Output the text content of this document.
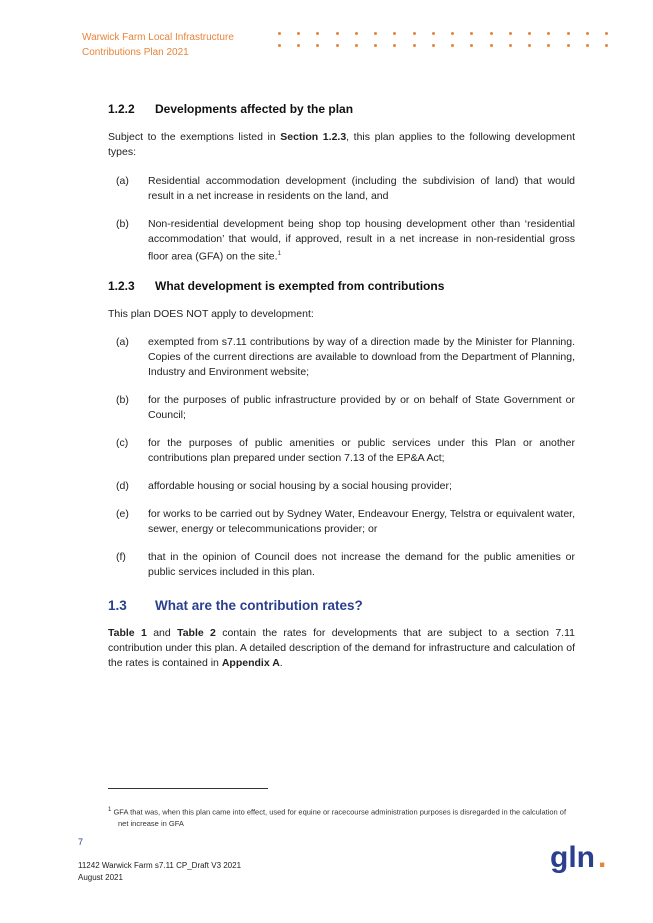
Warwick Farm Local Infrastructure
Contributions Plan 2021
1.2.2	Developments affected by the plan

Subject to the exemptions listed in Section 1.2.3, this plan applies to the following development types:

(a)	Residential accommodation development (including the subdivision of land) that would result in a net increase in residents on the land, and
(b)	Non-residential development being shop top housing development other than ‘residential accommodation’ that would, if approved, result in a net increase in non-residential gross floor area (GFA) on the site.$^1$
1.2.3	What development is exempted from contributions

This plan DOES NOT apply to development:

(a)	exempted from s7.11 contributions by way of a direction made by the Minister for Planning. Copies of the current directions are available to download from the Department of Planning, Industry and Environment website;
(b)	for the purposes of public infrastructure provided by or on behalf of State Government or Council;
(c)	for the purposes of public amenities or public services under this Plan or another contributions plan prepared under section 7.13 of the EP&A Act;
(d)	affordable housing or social housing by a social housing provider;
(e)	for works to be carried out by Sydney Water, Endeavour Energy, Telstra or equivalent water, sewer, energy or telecommunications provider; or
(f)	that in the opinion of Council does not increase the demand for the public amenities or public services included in this plan.
1.3	What are the contribution rates?

Table 1 and Table 2 contain the rates for developments that are subject to a section 7.11 contribution under this plan. A detailed description of the demand for infrastructure and calculation of the rates is contained in Appendix A.

$^1$ GFA that was, when this plan came into effect, used for equine or racecourse administration purposes is disregarded in the calculation of net increase in GFA
7
11242 Warwick Farm s7.11 CP_Draft V3 2021
August 2021
gln .
